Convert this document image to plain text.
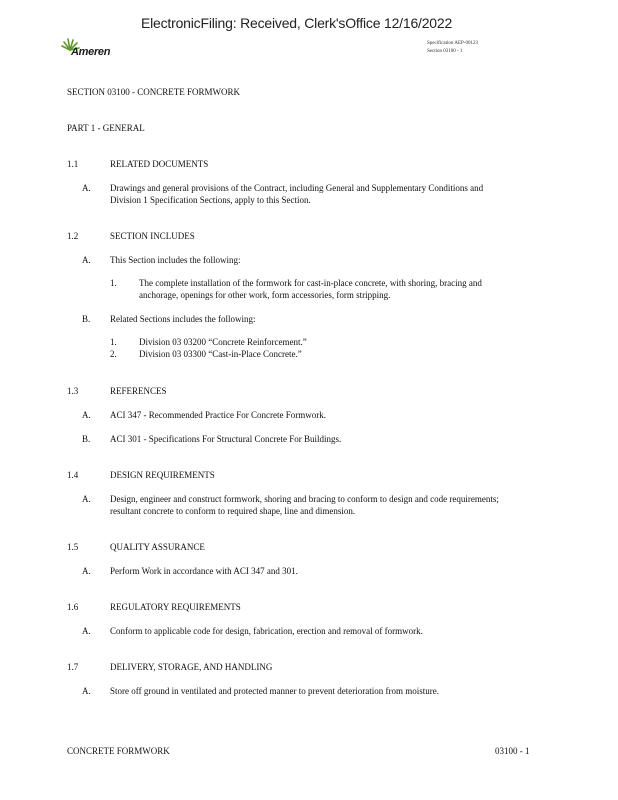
ElectronicFiling: Received, Clerk'sOffice 12/16/2022
Ameren
Specification AEP-00123
Section 03100 - 1
SECTION 03100 - CONCRETE FORMWORK
PART 1 - GENERAL
1.1	RELATED DOCUMENTS
A. Drawings and general provisions of the Contract, including General and Supplementary Conditions and
Division 1 Specification Sections, apply to this Section.
1.2	SECTION INCLUDES
A. This Section includes the following:
1. The complete installation of the formwork for cast-in-place concrete, with shoring, bracing and
anchorage, openings for other work, form accessories, form stripping.
B. Related Sections includes the following:
1. Division 03 03200 “Concrete Reinforcement.”
2. Division 03 03300 “Cast-in-Place Concrete.”
1.3	REFERENCES
A. ACI 347 - Recommended Practice For Concrete Formwork.
B. ACI 301 - Specifications For Structural Concrete For Buildings.
1.4	DESIGN REQUIREMENTS
A. Design, engineer and construct formwork, shoring and bracing to conform to design and code requirements;
resultant concrete to conform to required shape, line and dimension.
1.5	QUALITY ASSURANCE
A. Perform Work in accordance with ACI 347 and 301.
1.6	REGULATORY REQUIREMENTS
A. Conform to applicable code for design, fabrication, erection and removal of formwork.
1.7	DELIVERY, STORAGE, AND HANDLING
A. Store off ground in ventilated and protected manner to prevent deterioration from moisture.
CONCRETE FORMWORK	03100 - 1
